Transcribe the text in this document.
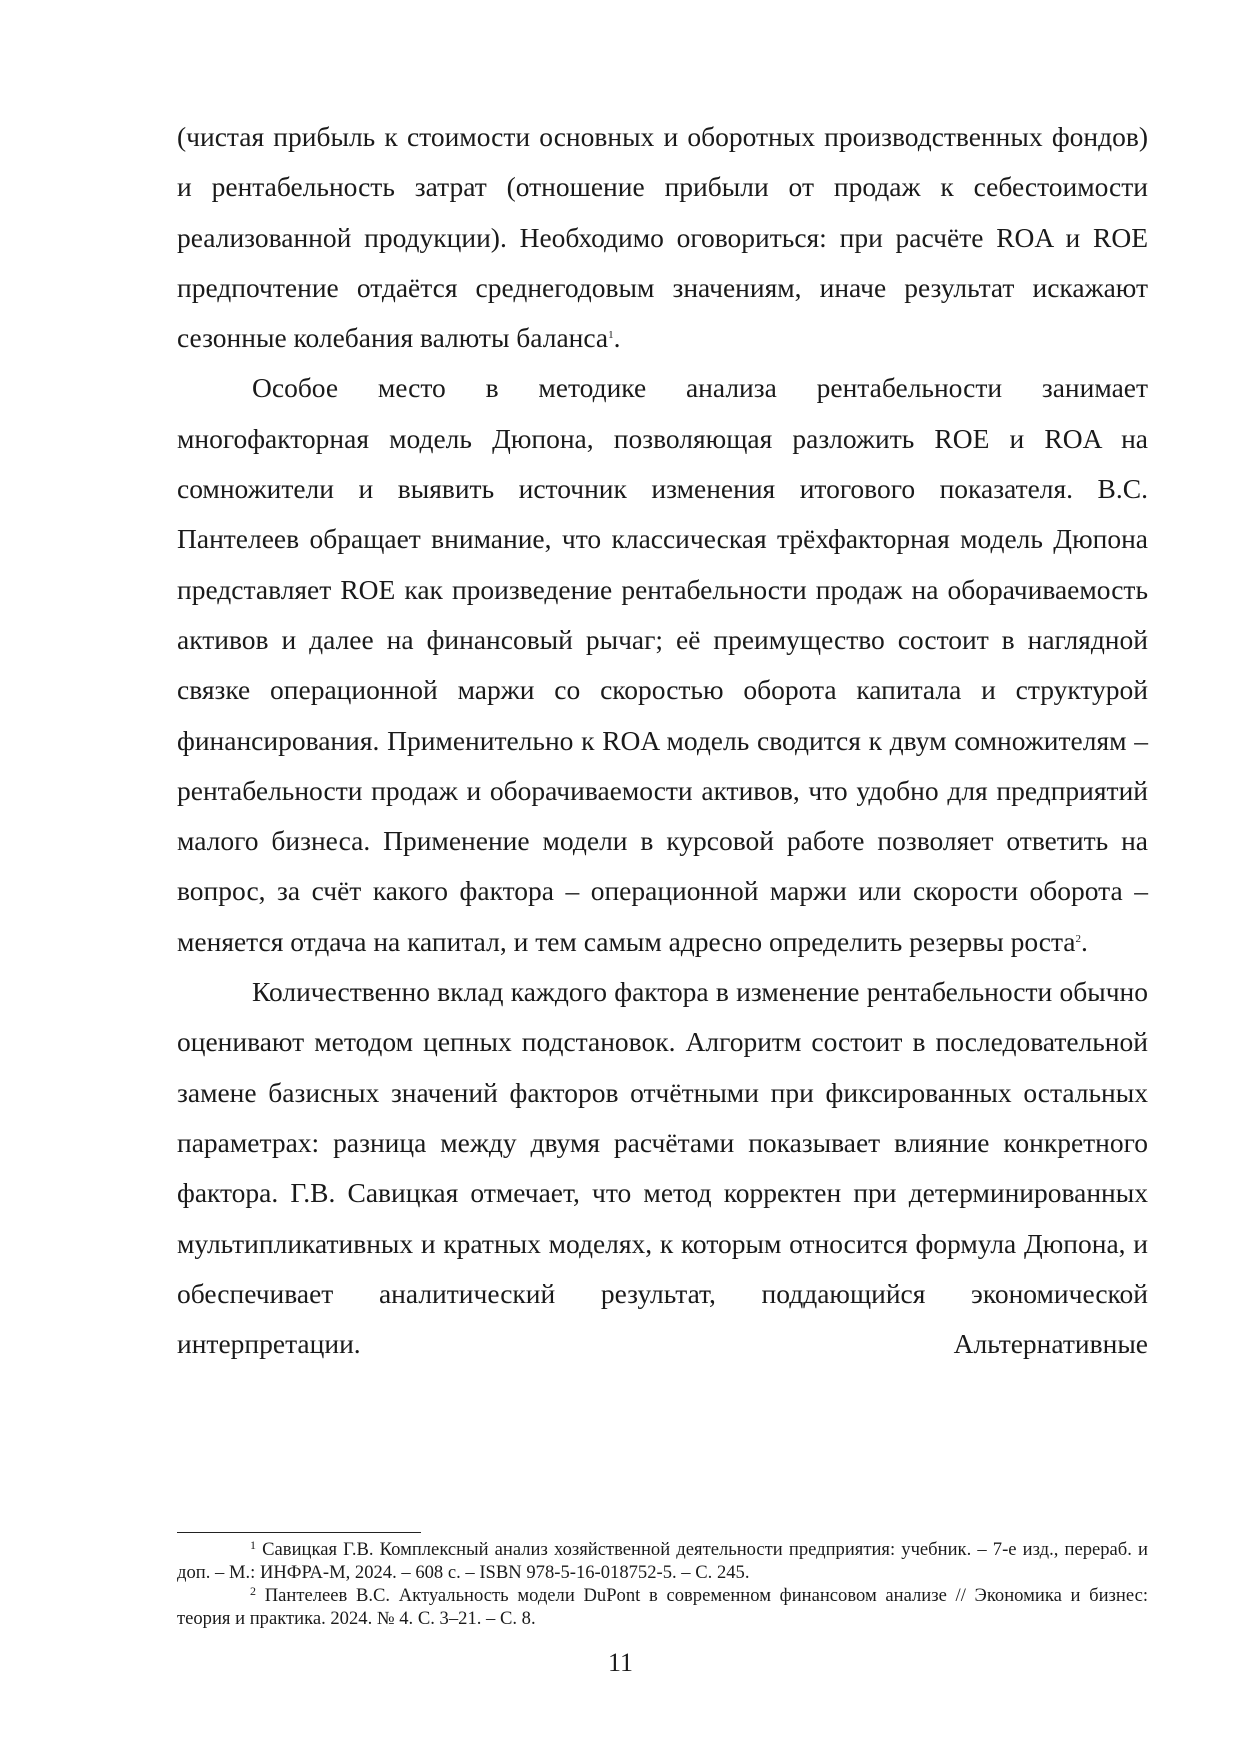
(чистая прибыль к стоимости основных и оборотных производственных фондов) и рентабельность затрат (отношение прибыли от продаж к себестоимости реализованной продукции). Необходимо оговориться: при расчёте ROA и ROE предпочтение отдаётся среднегодовым значениям, иначе результат искажают сезонные колебания валюты баланса$^1$.

Особое место в методике анализа рентабельности занимает многофакторная модель Дюпона, позволяющая разложить ROE и ROA на сомножители и выявить источник изменения итогового показателя. В.С. Пантелеев обращает внимание, что классическая трёхфакторная модель Дюпона представляет ROE как произведение рентабельности продаж на оборачиваемость активов и далее на финансовый рычаг; её преимущество состоит в наглядной связке операционной маржи со скоростью оборота капитала и структурой финансирования. Применительно к ROA модель сводится к двум сомножителям – рентабельности продаж и оборачиваемости активов, что удобно для предприятий малого бизнеса. Применение модели в курсовой работе позволяет ответить на вопрос, за счёт какого фактора – операционной маржи или скорости оборота – меняется отдача на капитал, и тем самым адресно определить резервы роста$^2$.

Количественно вклад каждого фактора в изменение рентабельности обычно оценивают методом цепных подстановок. Алгоритм состоит в последовательной замене базисных значений факторов отчётными при фиксированных остальных параметрах: разница между двумя расчётами показывает влияние конкретного фактора. Г.В. Савицкая отмечает, что метод корректен при детерминированных мультипликативных и кратных моделях, к которым относится формула Дюпона, и обеспечивает аналитический результат, поддающийся экономической интерпретации. Альтернативные

$^1$ Савицкая Г.В. Комплексный анализ хозяйственной деятельности предприятия: учебник. – 7-е изд., перераб. и доп. – М.: ИНФРА-М, 2024. – 608 с. – ISBN 978-5-16-018752-5. – С. 245.

$^2$ Пантелеев В.С. Актуальность модели DuPont в современном финансовом анализе // Экономика и бизнес: теория и практика. 2024. № 4. С. 3–21. – С. 8.

11
